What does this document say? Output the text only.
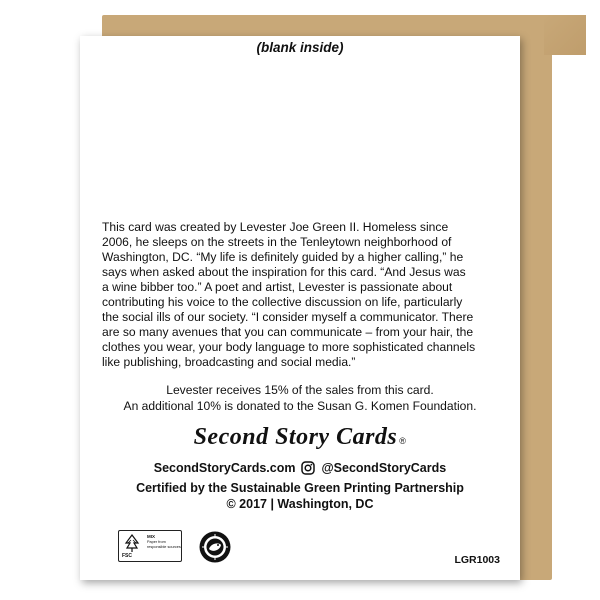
(blank inside)

This card was created by Levester Joe Green II. Homeless since
2006, he sleeps on the streets in the Tenleytown neighborhood of
Washington, DC. “My life is definitely guided by a higher calling,” he
says when asked about the inspiration for this card. “And Jesus was
a wine bibber too.” A poet and artist, Levester is passionate about
contributing his voice to the collective discussion on life, particularly
the social ills of our society. “I consider myself a communicator. There
are so many avenues that you can communicate – from your hair, the
clothes you wear, your body language to more sophisticated channels
like publishing, broadcasting and social media.”

Levester receives 15% of the sales from this card.

An additional 10% is donated to the Susan G. Komen Foundation.

Second Story Cards ®
SecondStoryCards.com @SecondStoryCards

Certified by the Sustainable Green Printing Partnership

© 2017 | Washington, DC

FSC
MIX
Paper from responsible sources
LGR1003
